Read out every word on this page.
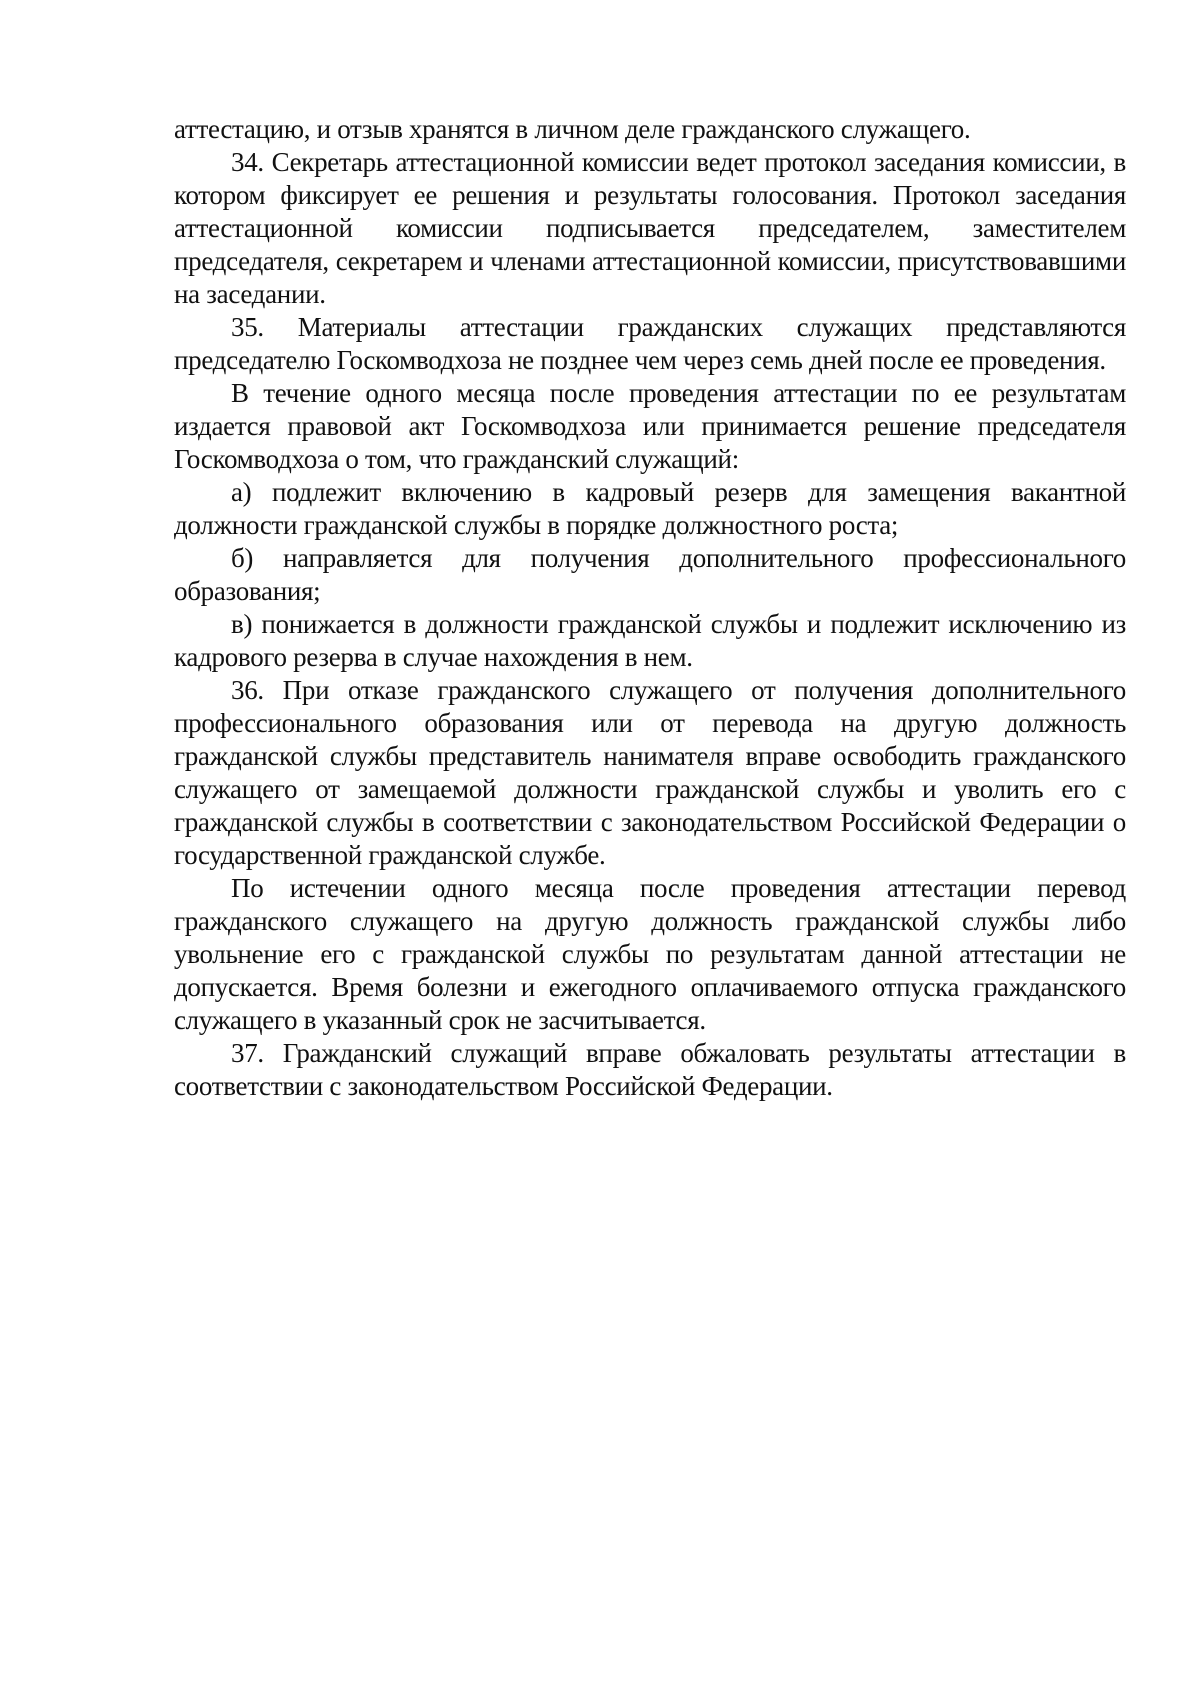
аттестацию, и отзыв хранятся в личном деле гражданского служащего.

34. Секретарь аттестационной комиссии ведет протокол заседания комиссии, в котором фиксирует ее решения и результаты голосования. Протокол заседания аттестационной комиссии подписывается председателем, заместителем председателя, секретарем и членами аттестационной комиссии, присутствовавшими на заседании.

35. Материалы аттестации гражданских служащих представляются председателю Госкомводхоза не позднее чем через семь дней после ее проведения.

В течение одного месяца после проведения аттестации по ее результатам издается правовой акт Госкомводхоза или принимается решение председателя Госкомводхоза о том, что гражданский служащий:

а) подлежит включению в кадровый резерв для замещения вакантной должности гражданской службы в порядке должностного роста;

б) направляется для получения дополнительного профессионального образования;

в) понижается в должности гражданской службы и подлежит исключению из кадрового резерва в случае нахождения в нем.

36. При отказе гражданского служащего от получения дополнительного профессионального образования или от перевода на другую должность гражданской службы представитель нанимателя вправе освободить гражданского служащего от замещаемой должности гражданской службы и уволить его с гражданской службы в соответствии с законодательством Российской Федерации о государственной гражданской службе.

По истечении одного месяца после проведения аттестации перевод гражданского служащего на другую должность гражданской службы либо увольнение его с гражданской службы по результатам данной аттестации не допускается. Время болезни и ежегодного оплачиваемого отпуска гражданского служащего в указанный срок не засчитывается.

37. Гражданский служащий вправе обжаловать результаты аттестации в соответствии с законодательством Российской Федерации.
